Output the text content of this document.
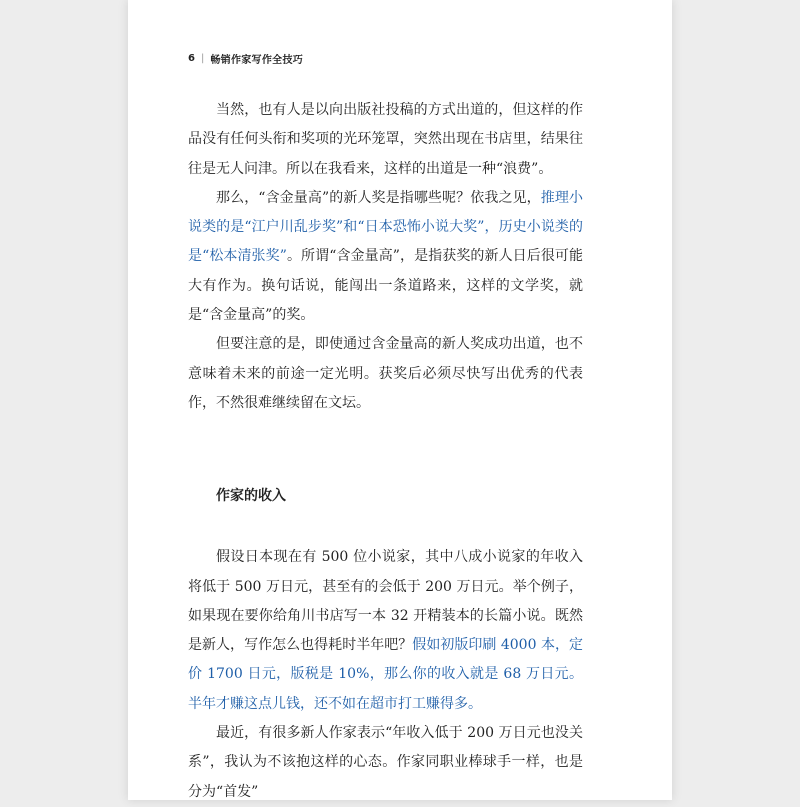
6 | 畅销作家写作全技巧

当然，也有人是以向出版社投稿的方式出道的，但这样的作品没有任何头衔和奖项的光环笼罩，突然出现在书店里，结果往往是无人问津。所以在我看来，这样的出道是一种“浪费”。

那么，“含金量高”的新人奖是指哪些呢？依我之见，推理小说类的是“江户川乱步奖”和“日本恐怖小说大奖”，历史小说类的是“松本清张奖”。所谓“含金量高”，是指获奖的新人日后很可能大有作为。换句话说，能闯出一条道路来，这样的文学奖，就是“含金量高”的奖。

但要注意的是，即使通过含金量高的新人奖成功出道，也不意味着未来的前途一定光明。获奖后必须尽快写出优秀的代表作，不然很难继续留在文坛。

作家的收入

假设日本现在有 500 位小说家，其中八成小说家的年收入将低于 500 万日元，甚至有的会低于 200 万日元。举个例子，如果现在要你给角川书店写一本 32 开精装本的长篇小说。既然是新人，写作怎么也得耗时半年吧？假如初版印刷 4000 本，定价 1700 日元，版税是 10%，那么你的收入就是 68 万日元。半年才赚这点儿钱，还不如在超市打工赚得多。

最近，有很多新人作家表示“年收入低于 200 万日元也没关系”，我认为不该抱这样的心态。作家同职业棒球手一样，也是分为“首发”
